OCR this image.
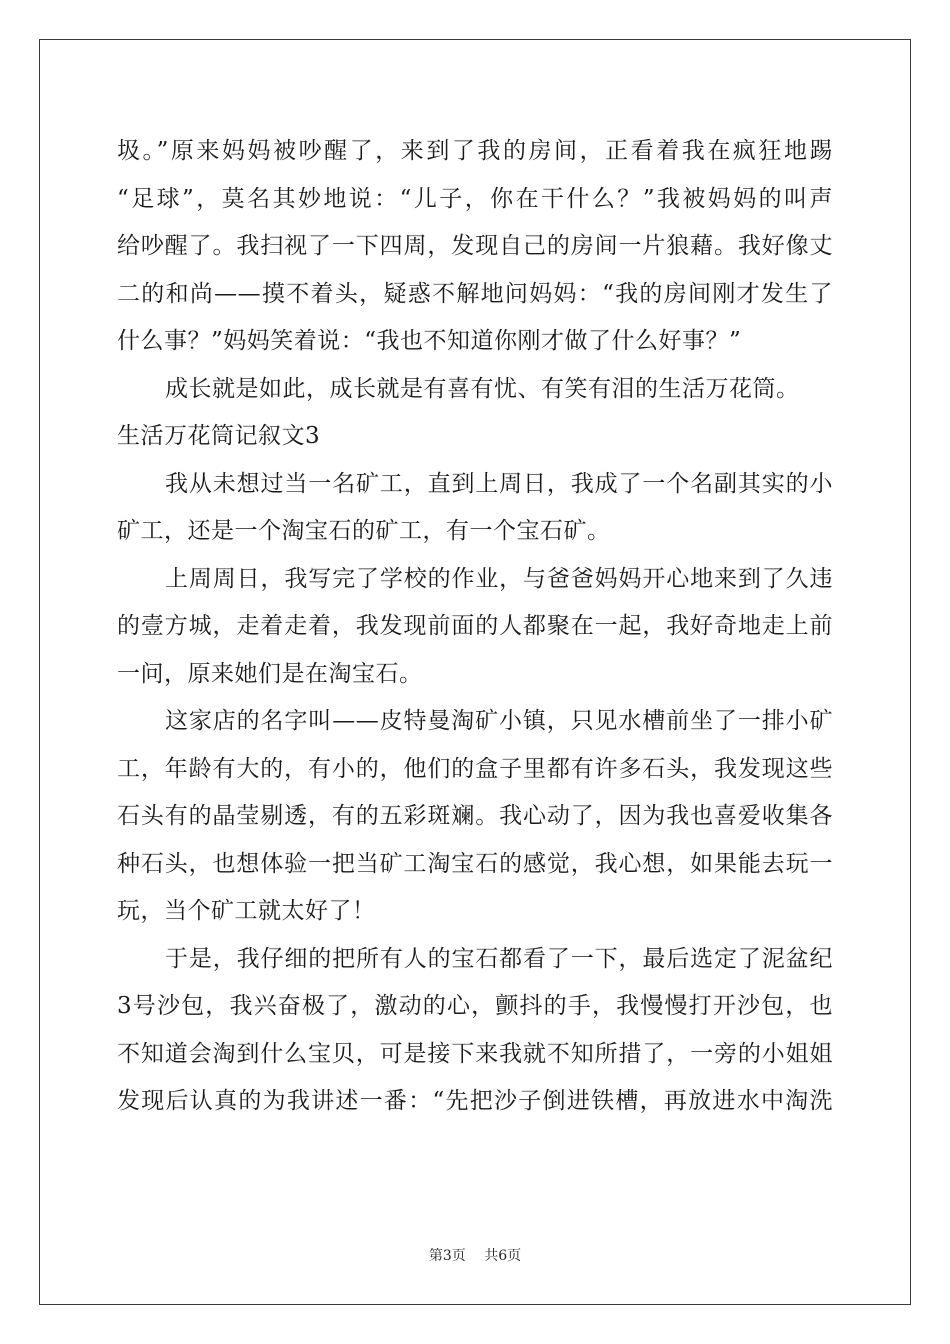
圾。”原来妈妈被吵醒了，来到了我的房间，正看着我在疯狂地踢
“足球”，莫名其妙地说：“儿子，你在干什么？”我被妈妈的叫声
给吵醒了。我扫视了一下四周，发现自己的房间一片狼藉。我好像丈
二的和尚——摸不着头，疑惑不解地问妈妈：“我的房间刚才发生了
什么事？”妈妈笑着说：“我也不知道你刚才做了什么好事？”
成长就是如此，成长就是有喜有忧、有笑有泪的生活万花筒。
生活万花筒记叙文3
我从未想过当一名矿工，直到上周日，我成了一个名副其实的小
矿工，还是一个淘宝石的矿工，有一个宝石矿。
上周周日，我写完了学校的作业，与爸爸妈妈开心地来到了久违
的壹方城，走着走着，我发现前面的人都聚在一起，我好奇地走上前
一问，原来她们是在淘宝石。
这家店的名字叫——皮特曼淘矿小镇，只见水槽前坐了一排小矿
工，年龄有大的，有小的，他们的盒子里都有许多石头，我发现这些
石头有的晶莹剔透，有的五彩斑斓。我心动了，因为我也喜爱收集各
种石头，也想体验一把当矿工淘宝石的感觉，我心想，如果能去玩一
玩，当个矿工就太好了！
于是，我仔细的把所有人的宝石都看了一下，最后选定了泥盆纪
3号沙包，我兴奋极了，激动的心，颤抖的手，我慢慢打开沙包，也
不知道会淘到什么宝贝，可是接下来我就不知所措了，一旁的小姐姐
发现后认真的为我讲述一番：“先把沙子倒进铁槽，再放进水中淘洗
第3页 共6页
